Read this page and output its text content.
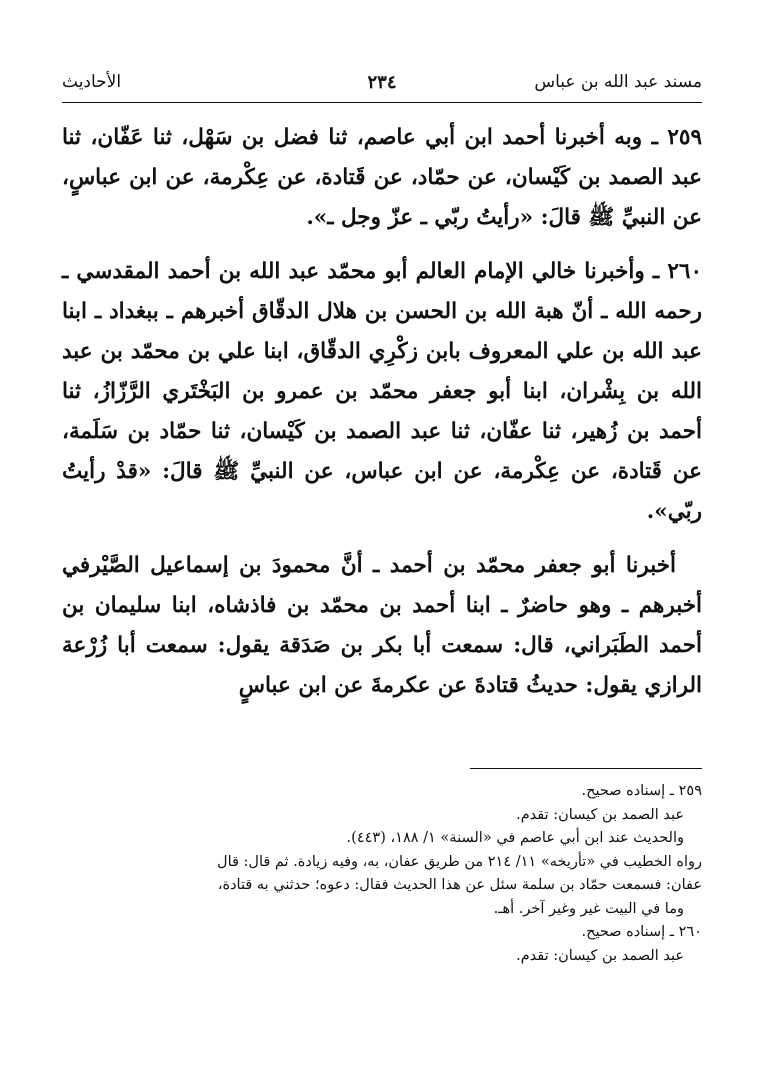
مسند عبد الله بن عباس
٢٣٤
الأحاديث

٢٥٩ ـ وبه أخبرنا أحمد ابن أبي عاصم، ثنا فضل بن سَهْل، ثنا عَفّان، ثنا عبد الصمد بن كَيْسان، عن حمّاد، عن قَتادة، عن عِكْرمة، عن ابن عباسٍ، عن النبيِّ ﷺ قالَ: «رأيتُ ربّي ـ عزّ وجل ـ».

٢٦٠ ـ وأخبرنا خالي الإمام العالم أبو محمّد عبد الله بن أحمد المقدسي ـ رحمه الله ـ أنّ هبة الله بن الحسن بن هلال الدقّاق أخبرهم ـ ببغداد ـ ابنا عبد الله بن علي المعروف بابن زكْرِي الدقّاق، ابنا علي بن محمّد بن عبد الله بن بِشْران، ابنا أبو جعفر محمّد بن عمرو بن البَخْتَري الرَّزّازُ، ثنا أحمد بن زُهير، ثنا عفّان، ثنا عبد الصمد بن كَيْسان، ثنا حمّاد بن سَلَمة، عن قَتادة، عن عِكْرمة، عن ابن عباس، عن النبيِّ ﷺ قالَ: «قدْ رأيتُ ربّي».

أخبرنا أبو جعفر محمّد بن أحمد ـ أنَّ محمودَ بن إسماعيل الصَّيْرفي أخبرهم ـ وهو حاضرٌ ـ ابنا أحمد بن محمّد بن فاذشاه، ابنا سليمان بن أحمد الطَبَراني، قال: سمعت أبا بكر بن صَدَقة يقول: سمعت أبا زُرْعة الرازي يقول: حديثُ قتادةَ عن عكرمةَ عن ابن عباسٍ

٢٥٩ ـ إسناده صحيح.

عبد الصمد بن كيسان: تقدم.

والحديث عند ابن أبي عاصم في «السنة» ١/ ١٨٨، (٤٤٣).

رواه الخطيب في «تأريخه» ١١/ ٢١٤ من طريق عفان، به، وفيه زيادة. ثم قال: قال

عفان: فسمعت حمّاد بن سلمة سئل عن هذا الحديث فقال: دعوه؛ حدثني به قتادة،

وما في البيت غير وغير آخر. أهـ.

٢٦٠ ـ إسناده صحيح.

عبد الصمد بن كيسان: تقدم.
